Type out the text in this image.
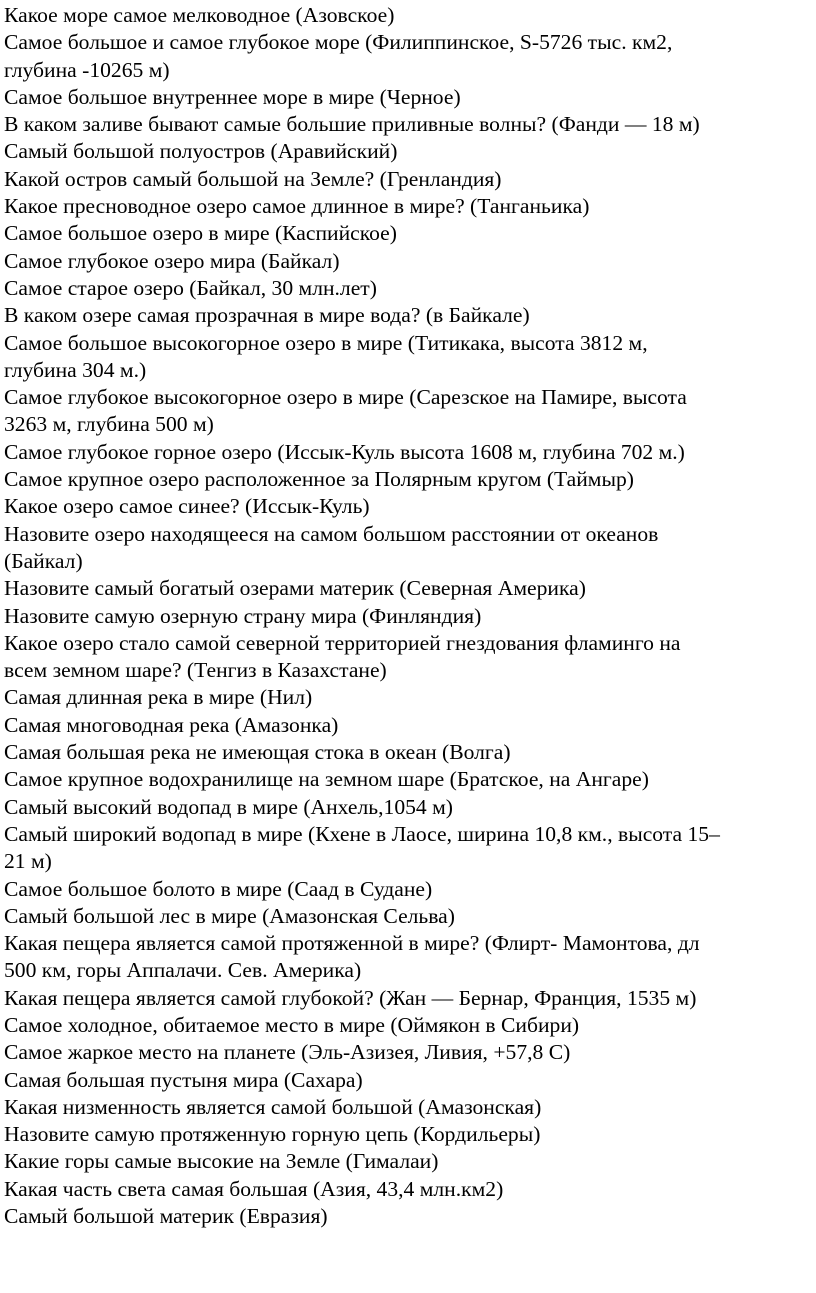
Какое море самое мелководное (Азовское)
Самое большое и самое глубокое море (Филиппинское, S-5726 тыс. км2,
глубина -10265 м)
Самое большое внутреннее море в мире (Черное)
В каком заливе бывают самые большие приливные волны? (Фанди — 18 м)
Самый большой полуостров (Аравийский)
Какой остров самый большой на Земле? (Гренландия)
Какое пресноводное озеро самое длинное в мире? (Танганьика)
Самое большое озеро в мире (Каспийское)
Самое глубокое озеро мира (Байкал)
Самое старое озеро (Байкал, 30 млн.лет)
В каком озере самая прозрачная в мире вода? (в Байкале)
Самое большое высокогорное озеро в мире (Титикака, высота 3812 м,
глубина 304 м.)
Самое глубокое высокогорное озеро в мире (Сарезское на Памире, высота
3263 м, глубина 500 м)
Самое глубокое горное озеро (Иссык-Куль высота 1608 м, глубина 702 м.)
Самое крупное озеро расположенное за Полярным кругом (Таймыр)
Какое озеро самое синее? (Иссык-Куль)
Назовите озеро находящееся на самом большом расстоянии от океанов
(Байкал)
Назовите самый богатый озерами материк (Северная Америка)
Назовите самую озерную страну мира (Финляндия)
Какое озеро стало самой северной территорией гнездования фламинго на
всем земном шаре? (Тенгиз в Казахстане)
Самая длинная река в мире (Нил)
Самая многоводная река (Амазонка)
Самая большая река не имеющая стока в океан (Волга)
Самое крупное водохранилище на земном шаре (Братское, на Ангаре)
Самый высокий водопад в мире (Анхель,1054 м)
Самый широкий водопад в мире (Кхене в Лаосе, ширина 10,8 км., высота 15–
21 м)
Самое большое болото в мире (Саад в Судане)
Самый большой лес в мире (Амазонская Сельва)
Какая пещера является самой протяженной в мире? (Флирт- Мамонтова, дл
500 км, горы Аппалачи. Сев. Америка)
Какая пещера является самой глубокой? (Жан — Бернар, Франция, 1535 м)
Самое холодное, обитаемое место в мире (Оймякон в Сибири)
Самое жаркое место на планете (Эль-Азизея, Ливия, +57,8 С)
Самая большая пустыня мира (Сахара)
Какая низменность является самой большой (Амазонская)
Назовите самую протяженную горную цепь (Кордильеры)
Какие горы самые высокие на Земле (Гималаи)
Какая часть света самая большая (Азия, 43,4 млн.км2)
Самый большой материк (Евразия)
